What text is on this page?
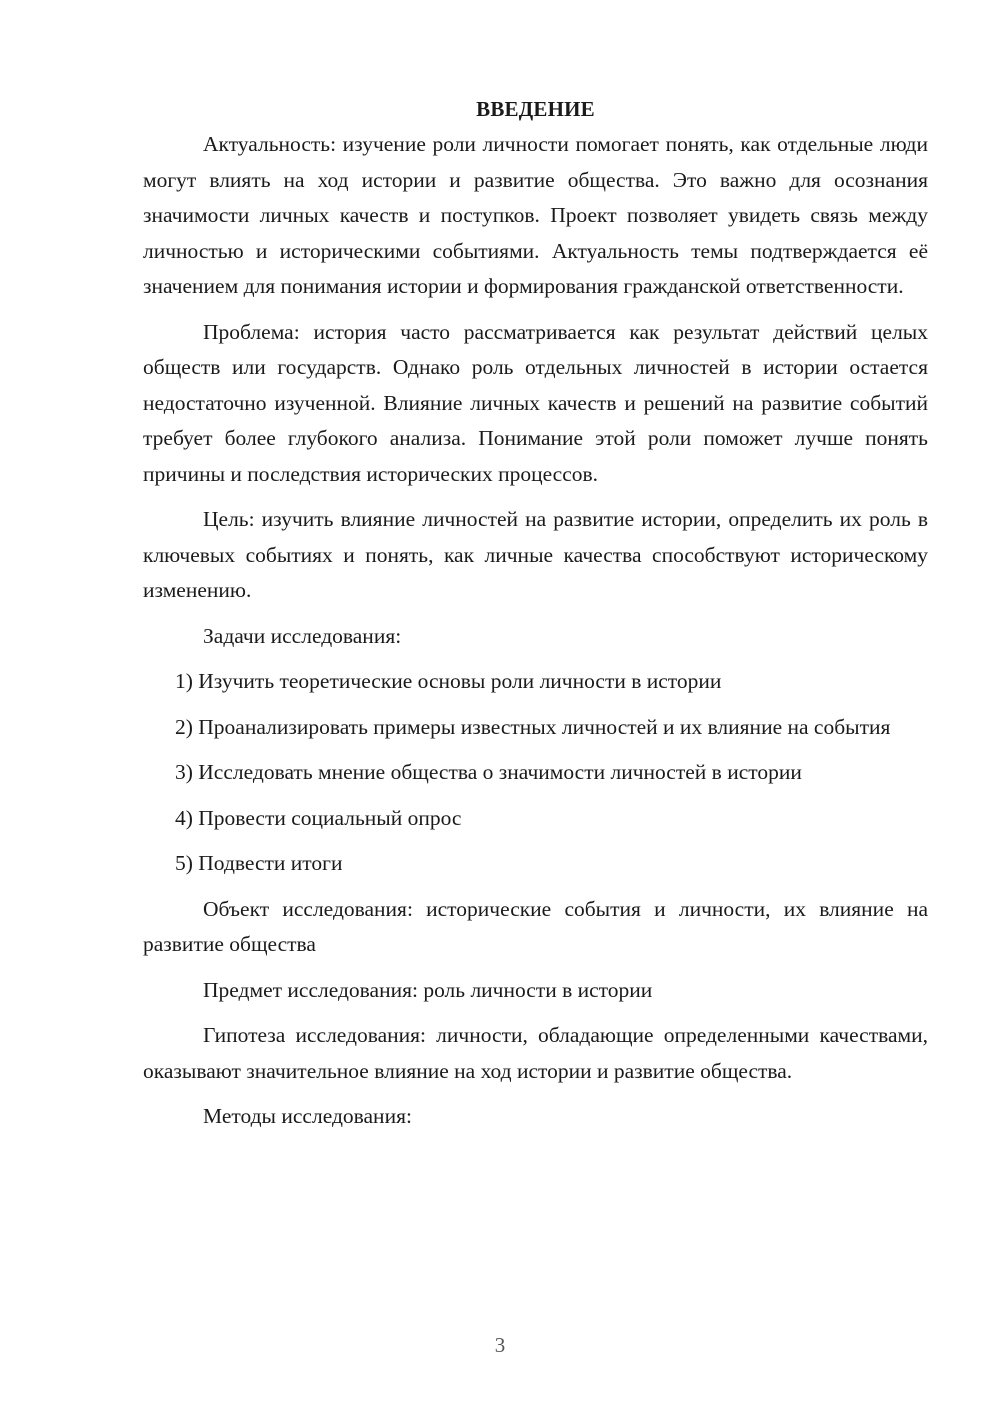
ВВЕДЕНИЕ

Актуальность: изучение роли личности помогает понять, как отдельные люди могут влиять на ход истории и развитие общества. Это важно для осознания значимости личных качеств и поступков. Проект позволяет увидеть связь между личностью и историческими событиями. Актуальность темы подтверждается её значением для понимания истории и формирования гражданской ответственности.

Проблема: история часто рассматривается как результат действий целых обществ или государств. Однако роль отдельных личностей в истории остается недостаточно изученной. Влияние личных качеств и решений на развитие событий требует более глубокого анализа. Понимание этой роли поможет лучше понять причины и последствия исторических процессов.

Цель: изучить влияние личностей на развитие истории, определить их роль в ключевых событиях и понять, как личные качества способствуют историческому изменению.

Задачи исследования:

1) Изучить теоретические основы роли личности в истории

2) Проанализировать примеры известных личностей и их влияние на события

3) Исследовать мнение общества о значимости личностей в истории

4) Провести социальный опрос

5) Подвести итоги

Объект исследования: исторические события и личности, их влияние на развитие общества

Предмет исследования: роль личности в истории

Гипотеза исследования: личности, обладающие определенными качествами, оказывают значительное влияние на ход истории и развитие общества.

Методы исследования:

3
